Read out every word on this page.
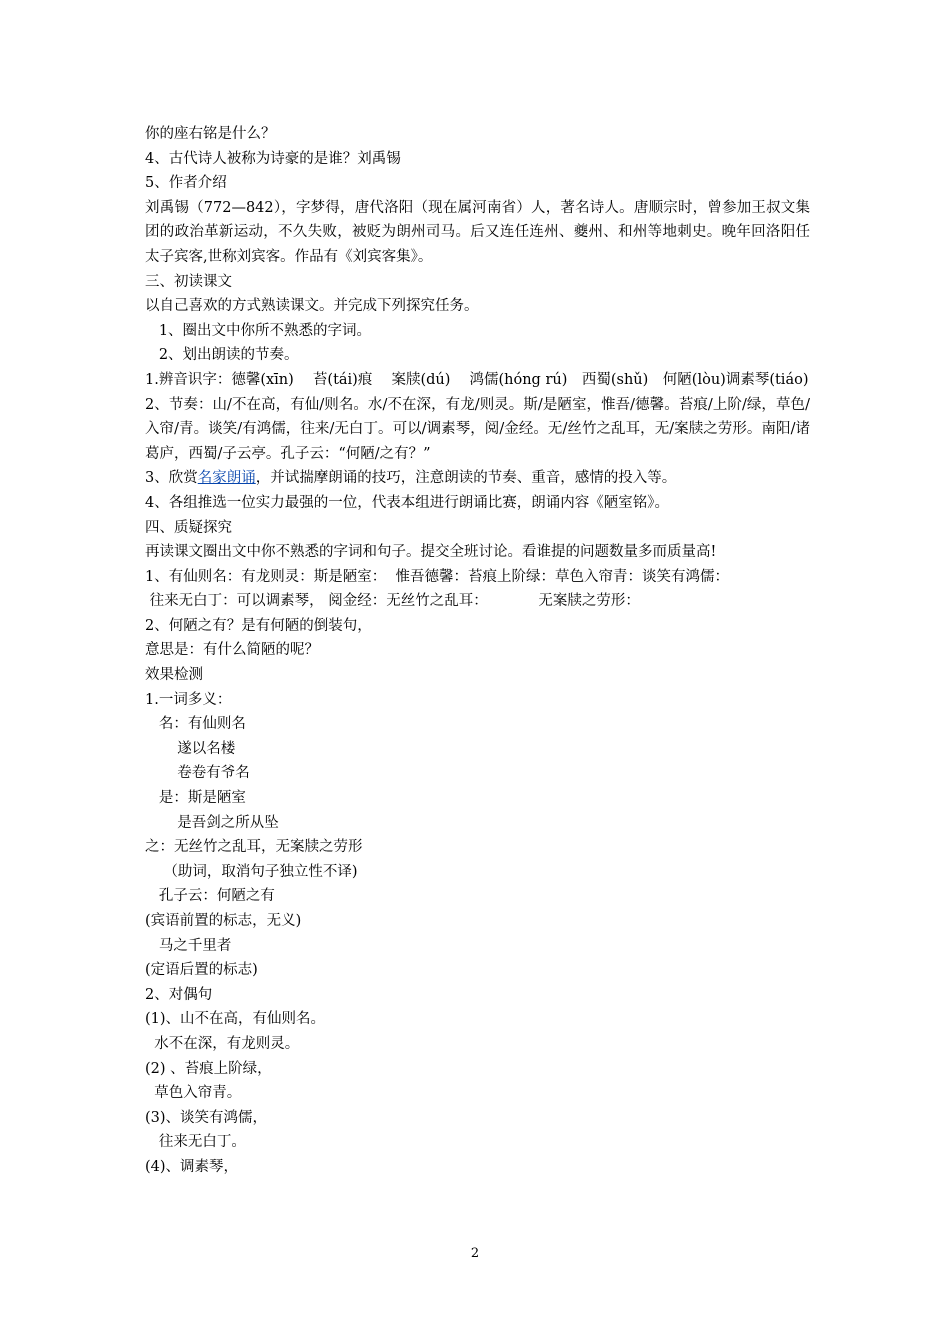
你的座右铭是什么？
4、古代诗人被称为诗豪的是谁？刘禹锡
5、作者介绍
刘禹锡（772—842），字梦得，唐代洛阳（现在属河南省）人，著名诗人。唐顺宗时，曾参加王叔文集团的政治革新运动，不久失败，被贬为朗州司马。后又连任连州、夔州、和州等地刺史。晚年回洛阳任太子宾客,世称刘宾客。作品有《刘宾客集》。
三、初读课文
以自己喜欢的方式熟读课文。并完成下列探究任务。
1、圈出文中你所不熟悉的字词。
2、划出朗读的节奏。
1.辨音识字：德馨(xīn)　 苔(tái)痕　 案牍(dú)　 鸿儒(hóng rú)　西蜀(shǔ)　何陋(lòu)调素琴(tiáo)
2、节奏：山/不在高，有仙/则名。水/不在深，有龙/则灵。斯/是陋室，惟吾/德馨。苔痕/上阶/绿，草色/入帘/青。谈笑/有鸿儒，往来/无白丁。可以/调素琴，阅/金经。无/丝竹之乱耳，无/案牍之劳形。南阳/诸葛庐，西蜀/子云亭。孔子云：“何陋/之有？”
3、欣赏名家朗诵，并试揣摩朗诵的技巧，注意朗读的节奏、重音，感情的投入等。
4、各组推选一位实力最强的一位，代表本组进行朗诵比赛，朗诵内容《陋室铭》。
四、质疑探究
再读课文圈出文中你不熟悉的字词和句子。提交全班讨论。看谁提的问题数量多而质量高!
1、有仙则名：有龙则灵：斯是陋室：  惟吾德馨：苔痕上阶绿：草色入帘青：谈笑有鸿儒：
往来无白丁：可以调素琴， 阅金经：无丝竹之乱耳：           无案牍之劳形：
2、何陋之有？是有何陋的倒装句，
意思是：有什么简陋的呢？
效果检测
1.一词多义：
名：有仙则名
遂以名楼
卷卷有爷名
是：斯是陋室
是吾剑之所从坠
之：无丝竹之乱耳，无案牍之劳形
（助词，取消句子独立性不译)
孔子云：何陋之有
(宾语前置的标志，无义)
马之千里者
(定语后置的标志)
2、对偶句
(1)、山不在高，有仙则名。
水不在深，有龙则灵。
(2) 、苔痕上阶绿，
草色入帘青。
(3)、谈笑有鸿儒，
往来无白丁。
(4)、调素琴，
2
